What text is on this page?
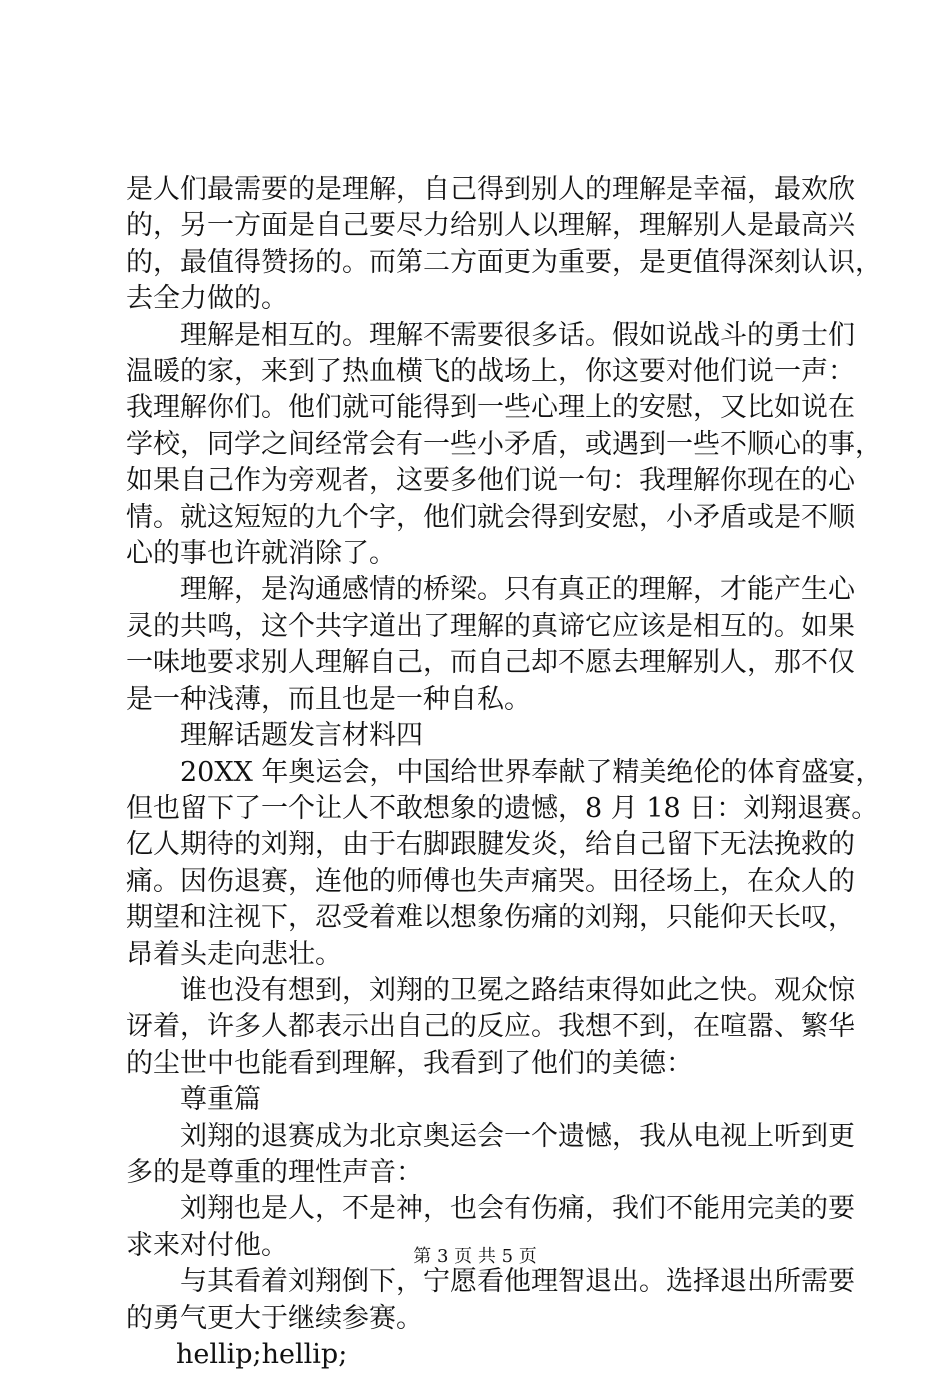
是人们最需要的是理解，自己得到别人的理解是幸福，最欢欣

的，另一方面是自己要尽力给别人以理解，理解别人是最高兴

的，最值得赞扬的。而第二方面更为重要，是更值得深刻认识，

去全力做的。

理解是相互的。理解不需要很多话。假如说战斗的勇士们

温暖的家，来到了热血横飞的战场上，你这要对他们说一声：

我理解你们。他们就可能得到一些心理上的安慰，又比如说在

学校，同学之间经常会有一些小矛盾，或遇到一些不顺心的事，

如果自己作为旁观者，这要多他们说一句：我理解你现在的心

情。就这短短的九个字，他们就会得到安慰，小矛盾或是不顺

心的事也许就消除了。

理解，是沟通感情的桥梁。只有真正的理解，才能产生心

灵的共鸣，这个共字道出了理解的真谛它应该是相互的。如果

一味地要求别人理解自己，而自己却不愿去理解别人，那不仅

是一种浅薄，而且也是一种自私。

理解话题发言材料四

20XX 年奥运会，中国给世界奉献了精美绝伦的体育盛宴，

但也留下了一个让人不敢想象的遗憾，8 月 18 日：刘翔退赛。

亿人期待的刘翔，由于右脚跟腱发炎，给自己留下无法挽救的

痛。因伤退赛，连他的师傅也失声痛哭。田径场上，在众人的

期望和注视下，忍受着难以想象伤痛的刘翔，只能仰天长叹，

昂着头走向悲壮。

谁也没有想到，刘翔的卫冕之路结束得如此之快。观众惊

讶着，许多人都表示出自己的反应。我想不到，在喧嚣、繁华

的尘世中也能看到理解，我看到了他们的美德：

尊重篇

刘翔的退赛成为北京奥运会一个遗憾，我从电视上听到更

多的是尊重的理性声音：

刘翔也是人，不是神，也会有伤痛，我们不能用完美的要

求来对付他。

与其看着刘翔倒下，宁愿看他理智退出。选择退出所需要

的勇气更大于继续参赛。

hellip;hellip;

第 3 页 共 5 页
